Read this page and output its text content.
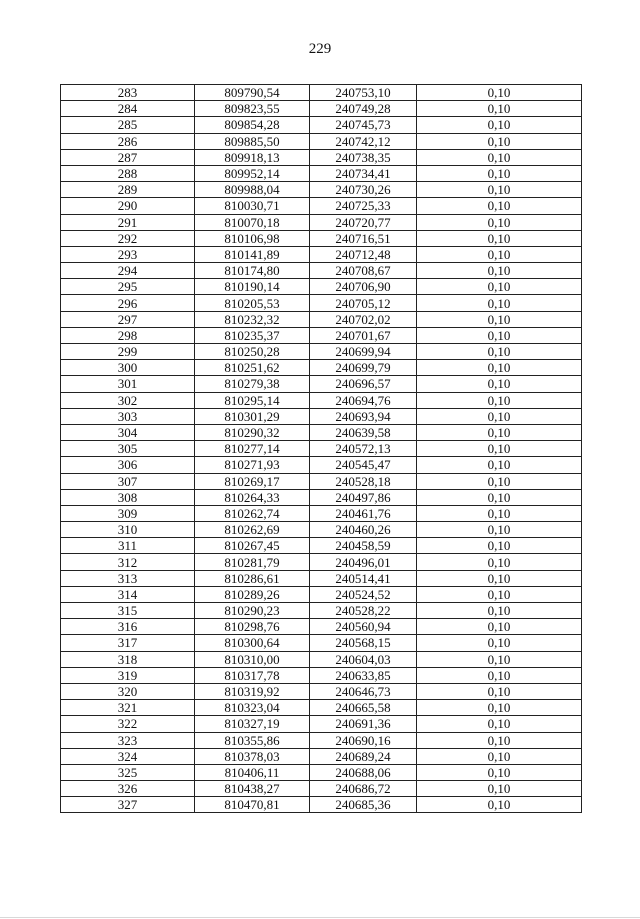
229
283	809790,54	240753,10	0,10
284	809823,55	240749,28	0,10
285	809854,28	240745,73	0,10
286	809885,50	240742,12	0,10
287	809918,13	240738,35	0,10
288	809952,14	240734,41	0,10
289	809988,04	240730,26	0,10
290	810030,71	240725,33	0,10
291	810070,18	240720,77	0,10
292	810106,98	240716,51	0,10
293	810141,89	240712,48	0,10
294	810174,80	240708,67	0,10
295	810190,14	240706,90	0,10
296	810205,53	240705,12	0,10
297	810232,32	240702,02	0,10
298	810235,37	240701,67	0,10
299	810250,28	240699,94	0,10
300	810251,62	240699,79	0,10
301	810279,38	240696,57	0,10
302	810295,14	240694,76	0,10
303	810301,29	240693,94	0,10
304	810290,32	240639,58	0,10
305	810277,14	240572,13	0,10
306	810271,93	240545,47	0,10
307	810269,17	240528,18	0,10
308	810264,33	240497,86	0,10
309	810262,74	240461,76	0,10
310	810262,69	240460,26	0,10
311	810267,45	240458,59	0,10
312	810281,79	240496,01	0,10
313	810286,61	240514,41	0,10
314	810289,26	240524,52	0,10
315	810290,23	240528,22	0,10
316	810298,76	240560,94	0,10
317	810300,64	240568,15	0,10
318	810310,00	240604,03	0,10
319	810317,78	240633,85	0,10
320	810319,92	240646,73	0,10
321	810323,04	240665,58	0,10
322	810327,19	240691,36	0,10
323	810355,86	240690,16	0,10
324	810378,03	240689,24	0,10
325	810406,11	240688,06	0,10
326	810438,27	240686,72	0,10
327	810470,81	240685,36	0,10
